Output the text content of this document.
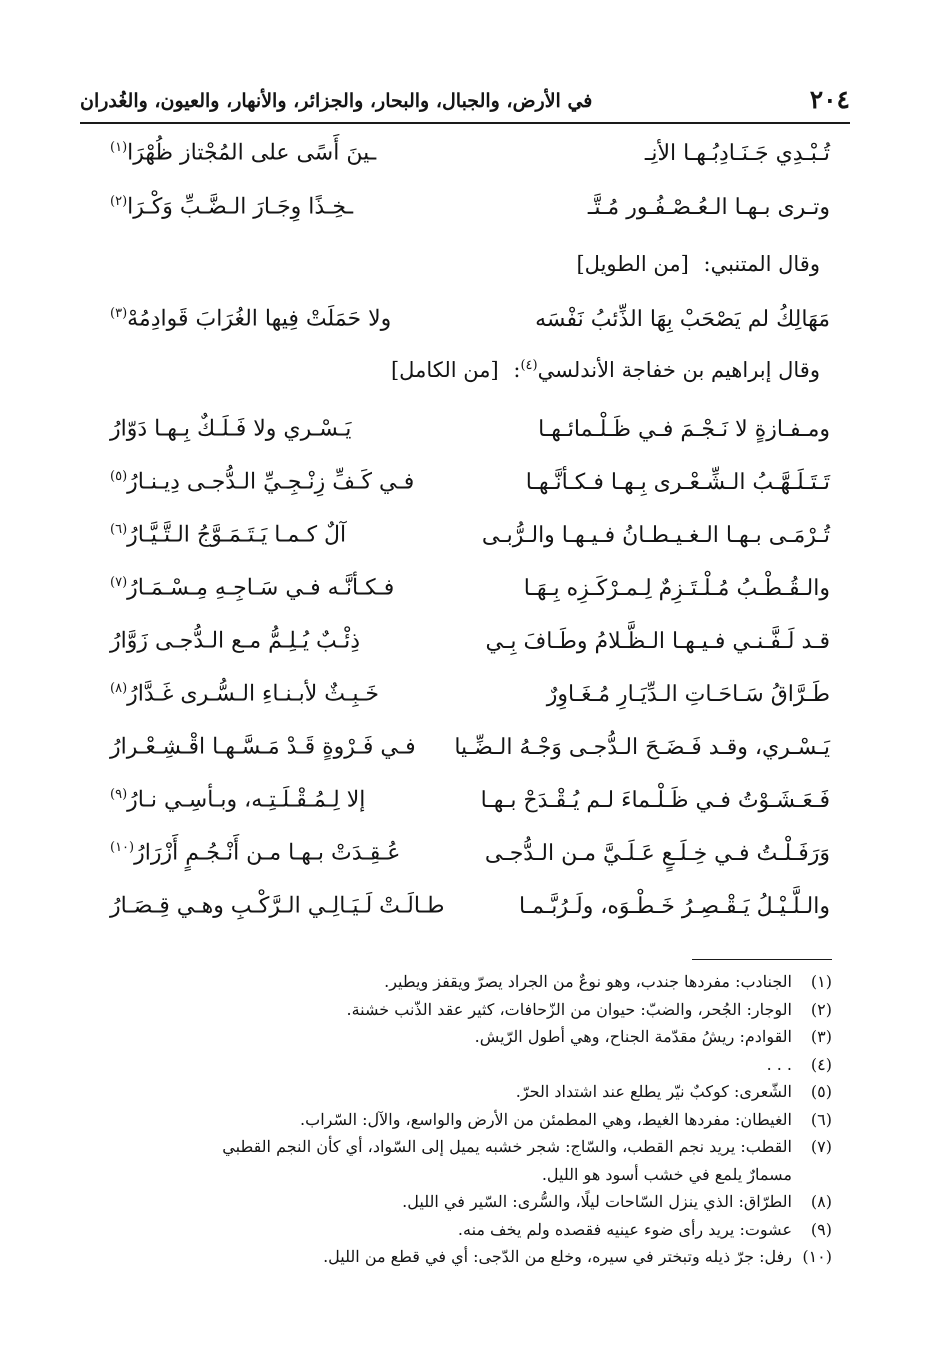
٢٠٤
في الأرض، والجبال، والبحار، والجزائر، والأنهار، والعيون، والغُدران
تُـبْـدِي جَـنَـادِبُـهـا الأنِـ
ـينَ أَسًى على المُجْتاز ظُهْرَا$^{(١)}$
وتـرى بـهـا الـعُـصْـفُـور مُـتَّـ
ـخِـذًا وِجَـارَ الـضَّـبِّ وَكْـرَا$^{(٢)}$
وقال المتنبي: [من الطويل]
مَهَالِكُ لم يَصْحَبْ بِهَا الذِّئبُ نَفْسَه
ولا حَمَلَتْ فِيها الغُرَابَ قَوادِمُهْ$^{(٣)}$
وقال إبراهيم بن خفاجة الأندلسي$^{(٤)}$: [من الكامل]
ومـفـازةٍ لا نَـجْـمَ فـي ظَـلْـمائـهـا
يَـسْـري ولا فَـلَـكٌ بِـهـا دَوّارُ
تَـتَـلَـهَّـبُ الـشِّـعْـرى بِـهـا فـكـأنَّـهـا
فـي كَـفِّ زِنْـجِـيِّ الـدُّجـى دِيـنـارُ$^{(٥)}$
تُـرْمَـى بـهـا الـغـيـطـانُ فـيـهـا والـرُّبـى
آلٌ كـمـا يَـتَـمَـوَّجُ الـتَّـيَّـارُ$^{(٦)}$
والـقُـطْـبُ مُـلْـتَـزِمٌ لِـمـرْكَـزِه بِـهَـا
فـكـأنَّـه فـي سَـاجِـهِ مِـسْـمَـارُ$^{(٧)}$
قـد لَـفَّـنـي فـيـهـا الـظَّـلامُ وطَـافَ بِـي
ذِئْـبٌ يُـلِـمُّ مـع الـدُّجـى زَوَّارُ
طَـرَّاقُ سَـاحَـاتِ الـدِّيَـارِ مُـغَـاوِرٌ
خَـبِـثٌ لأبـنـاءِ الـسُّـرى غَـدَّارُ$^{(٨)}$
يَـسْـري، وقـد فَـضَـحَ الـدُّجـى وَجْـهُ الـضِّـيا
فـي فَـرْوةٍ قَـدْ مَـسَّـهـا اقْـشِـعْـرارُ
فَـعَـشَـوْتُ فـي ظَـلْـماءَ لـم يُـقْـدَحْ بـهـا
إلا لِـمُـقْـلَـتِـه، وبـأسِـي نـارُ$^{(٩)}$
وَرَفَـلْـتُ فـي خِـلَـعٍ عَـلَـيَّ مـن الـدُّجـى
عُـقِـدَتْ بـهـا مـن أَنْـجُـمٍ أَزْرَارُ$^{(١٠)}$
والـلَّـيْـلُ يَـقْـصِـرُ خَـطْـوَه، ولَـرُبَّـمـا
طـالَـتْ لَـيَـالِـي الـرَّكْـبِ وهـي قِـصَـارُ
(١)
الجنادب: مفردها جندب، وهو نوعٌ من الجراد يصرّ ويقفز ويطير.
(٢)
الوجار: الجُحر، والضبّ: حيوان من الزّحافات، كثير عقد الذّنب خشنة.
(٣)
القوادم: ريشُ مقدّمة الجناح، وهي أطول الرّيش.
(٤)
. . .
(٥)
الشّعرى: كوكبٌ نيّر يطلع عند اشتداد الحرّ.
(٦)
الغيطان: مفردها الغيط، وهي المطمئن من الأرض والواسع، والآل: السّراب.
(٧)
القطب: يريد نجم القطب، والسّاج: شجر خشبه يميل إلى السّواد، أي كأن النجم القطبي
مسمارٌ يلمع في خشب أسود هو الليل.
(٨)
الطرّاق: الذي ينزل السّاحات ليلًا، والسُّرى: السّير في الليل.
(٩)
عشوت: يريد رأى ضوء عينيه فقصده ولم يخف منه.
(١٠)
رفل: جرّ ذيله وتبختر في سيره، وخلع من الدّجى: أي في قطع من الليل.
